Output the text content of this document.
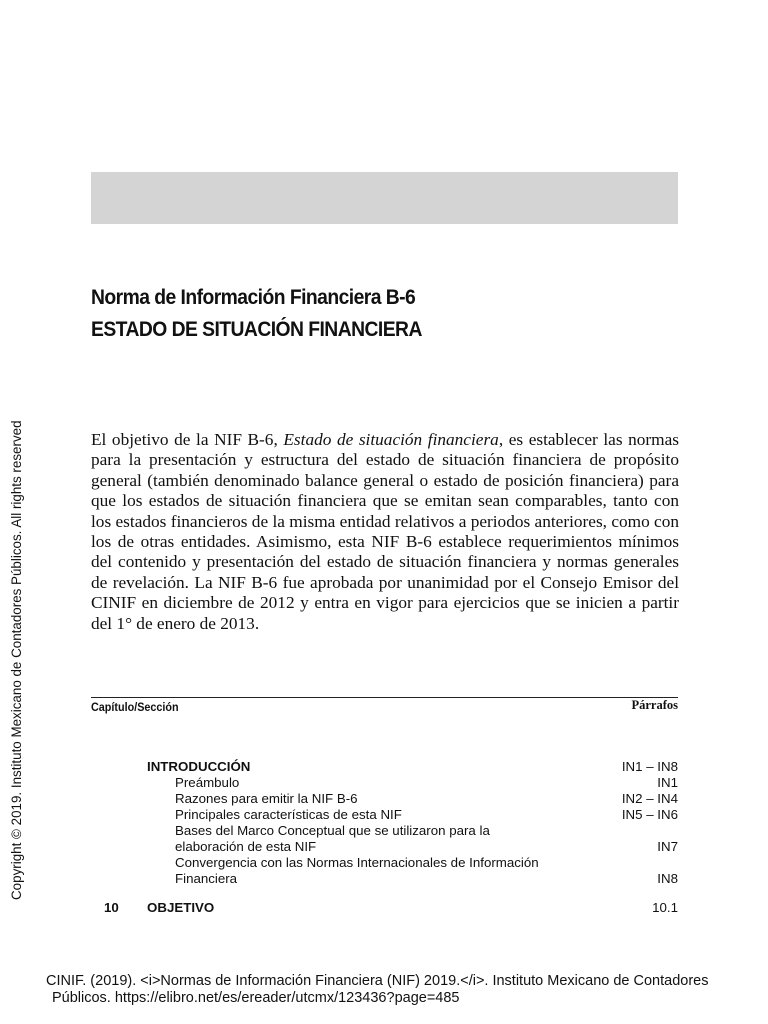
Norma de Información Financiera B-6
ESTADO DE SITUACIÓN FINANCIERA
Copyright © 2019. Instituto Mexicano de Contadores Públicos. All rights reserved	El objetivo de la NIF B-6, Estado de situación financiera, es establecer las normas para la presentación y estructura del estado de situación financiera de propósito general (también denominado balance general o estado de posición financiera) para que los estados de situación financiera que se emitan sean comparables, tanto con los estados financieros de la misma entidad relativos a periodos anteriores, como con los de otras entidades. Asimismo, esta NIF B-6 establece requerimientos mínimos del contenido y presentación del estado de situación financiera y normas generales de revelación. La NIF B-6 fue aprobada por unanimidad por el Consejo Emisor del CINIF en diciembre de 2012 y entra en vigor para ejercicios que se inicien a partir del 1° de enero de 2013.

Capítulo/Sección	Párrafos
INTRODUCCIÓN	IN1 – IN8
Preámbulo	IN1
Razones para emitir la NIF B-6	IN2 – IN4
Principales características de esta NIF	IN5 – IN6
Bases del Marco Conceptual que se utilizaron para la
elaboración de esta NIF	IN7
Convergencia con las Normas Internacionales de Información
Financiera	IN8
10 OBJETIVO	10.1
CINIF. (2019). <i>Normas de Información Financiera (NIF) 2019.</i>. Instituto Mexicano de Contadores
Públicos. https://elibro.net/es/ereader/utcmx/123436?page=485
